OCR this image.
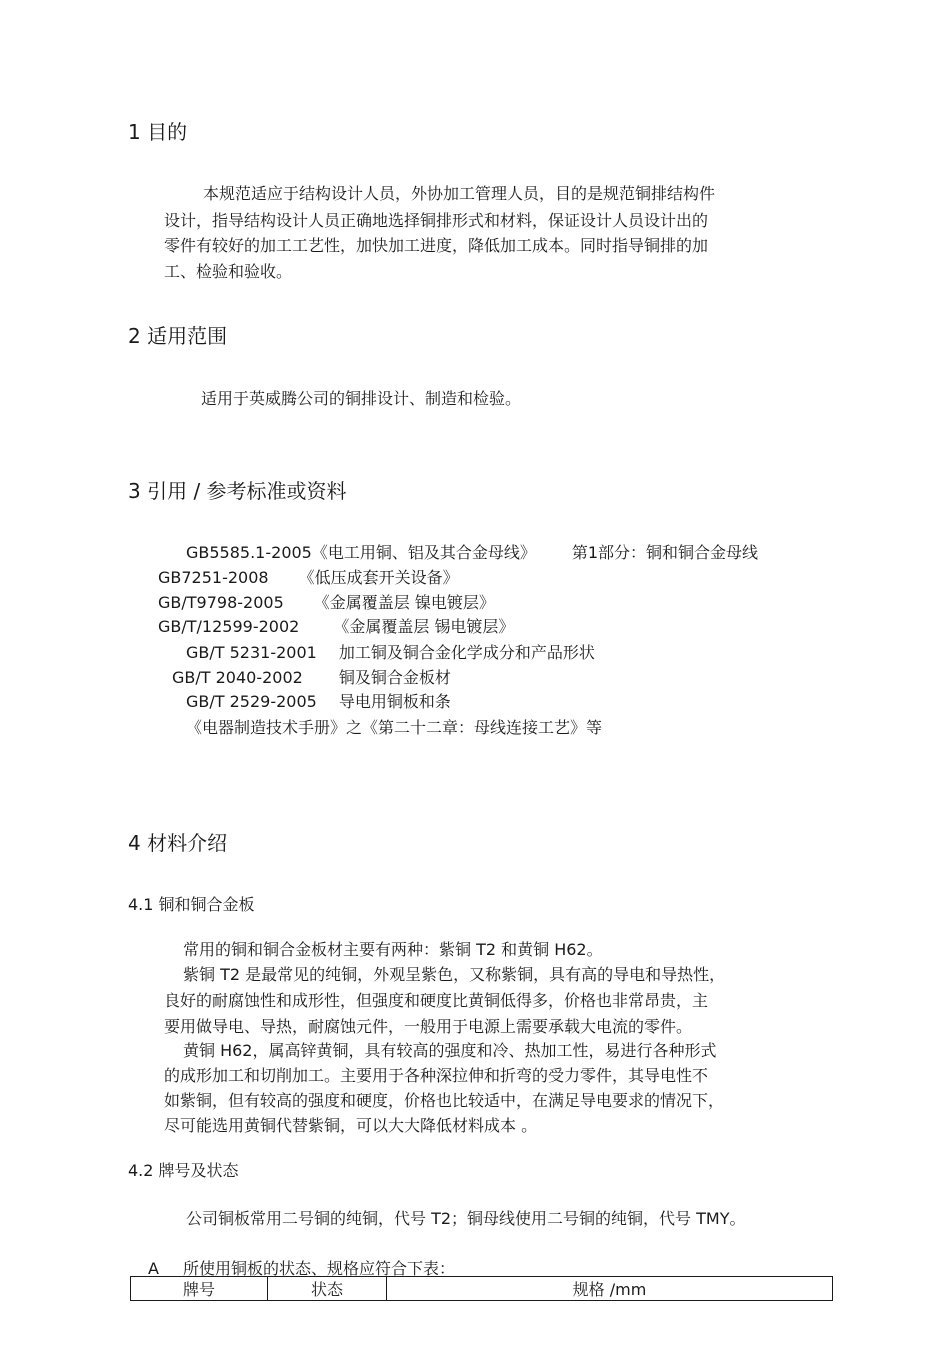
1 目的
本规范适应于结构设计人员，外协加工管理人员，目的是规范铜排结构件
设计，指导结构设计人员正确地选择铜排形式和材料，保证设计人员设计出的
零件有较好的加工工艺性，加快加工进度，降低加工成本。同时指导铜排的加
工、检验和验收。
2 适用范围
适用于英威腾公司的铜排设计、制造和检验。
3 引用 / 参考标准或资料
GB5585.1-2005《电工用铜、铝及其合金母线》 第1部分：铜和铜合金母线
GB7251-2008 《低压成套开关设备》
GB/T9798-2005 《金属覆盖层 镍电镀层》
GB/T/12599-2002 《金属覆盖层 锡电镀层》
GB/T 5231-2001 加工铜及铜合金化学成分和产品形状
GB/T 2040-2002 铜及铜合金板材
GB/T 2529-2005 导电用铜板和条
《电器制造技术手册》之《第二十二章：母线连接工艺》等
4 材料介绍
4.1 铜和铜合金板
常用的铜和铜合金板材主要有两种：紫铜 T2 和黄铜 H62。
紫铜 T2 是最常见的纯铜，外观呈紫色，又称紫铜，具有高的导电和导热性，
良好的耐腐蚀性和成形性，但强度和硬度比黄铜低得多，价格也非常昂贵，主
要用做导电、导热，耐腐蚀元件，一般用于电源上需要承载大电流的零件。
黄铜 H62，属高锌黄铜，具有较高的强度和冷、热加工性，易进行各种形式
的成形加工和切削加工。主要用于各种深拉伸和折弯的受力零件，其导电性不
如紫铜，但有较高的强度和硬度，价格也比较适中，在满足导电要求的情况下，
尽可能选用黄铜代替紫铜，可以大大降低材料成本 。
4.2 牌号及状态
公司铜板常用二号铜的纯铜，代号 T2；铜母线使用二号铜的纯铜，代号 TMY。
A 所使用铜板的状态、规格应符合下表：
牌号	状态	规格 /mm
